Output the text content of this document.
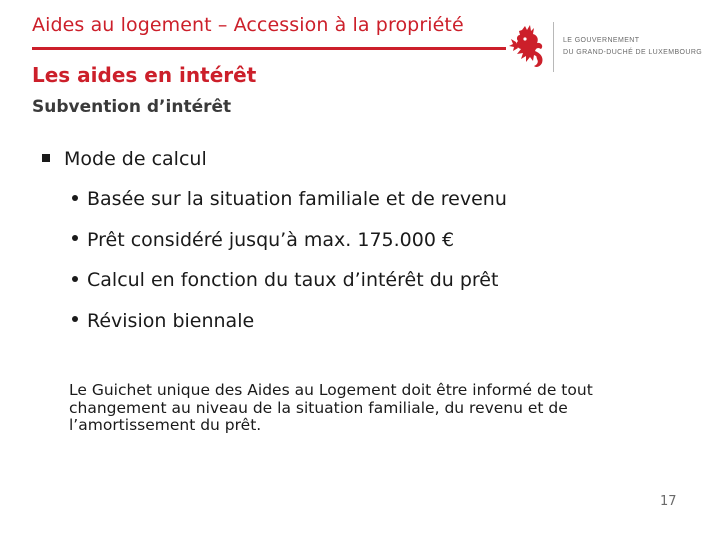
Aides au logement – Accession à la propriété
LE GOUVERNEMENT
DU GRAND-DUCHÉ DE LUXEMBOURG
Les aides en intérêt
Subvention d’intérêt
Mode de calcul
Basée sur la situation familiale et de revenu
Prêt considéré jusqu’à max. 175.000 €
Calcul en fonction du taux d’intérêt du prêt
Révision biennale
Le Guichet unique des Aides au Logement doit être informé de tout changement au niveau de la situation familiale, du revenu et de l’amortissement du prêt.
17
